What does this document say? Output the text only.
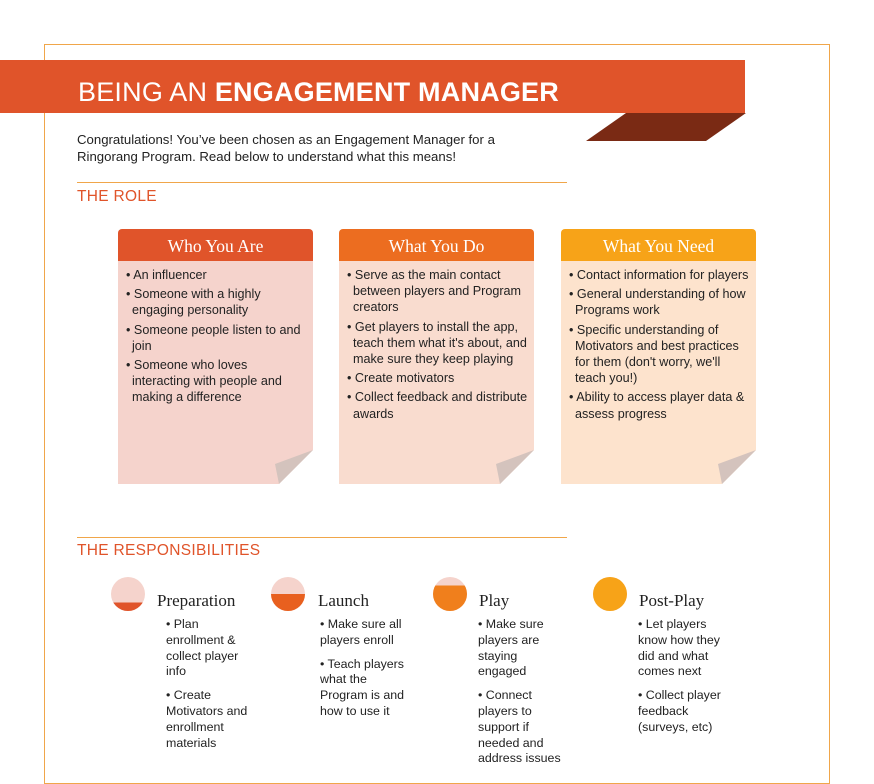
BEING AN ENGAGEMENT MANAGER
Congratulations! You’ve been chosen as an Engagement Manager for a Ringorang Program. Read below to understand what this means!
THE ROLE
Who You Are
• An influencer
• Someone with a highly engaging personality
• Someone people listen to and join
• Someone who loves interacting with people and making a difference
What You Do
• Serve as the main contact between players and Program creators
• Get players to install the app, teach them what it's about, and make sure they keep playing
• Create motivators
• Collect feedback and distribute awards
What You Need
• Contact information for players
• General understanding of how Programs work
• Specific understanding of Motivators and best practices for them (don't worry, we'll teach you!)
• Ability to access player data & assess progress
THE RESPONSIBILITIES
Preparation

• Plan enrollment & collect player info

• Create Motivators and enrollment materials

Launch

• Make sure all players enroll

• Teach players what the Program is and how to use it

Play

• Make sure players are staying engaged

• Connect players to support if needed and address issues

Post-Play

• Let players know how they did and what comes next

• Collect player feedback (surveys, etc)
